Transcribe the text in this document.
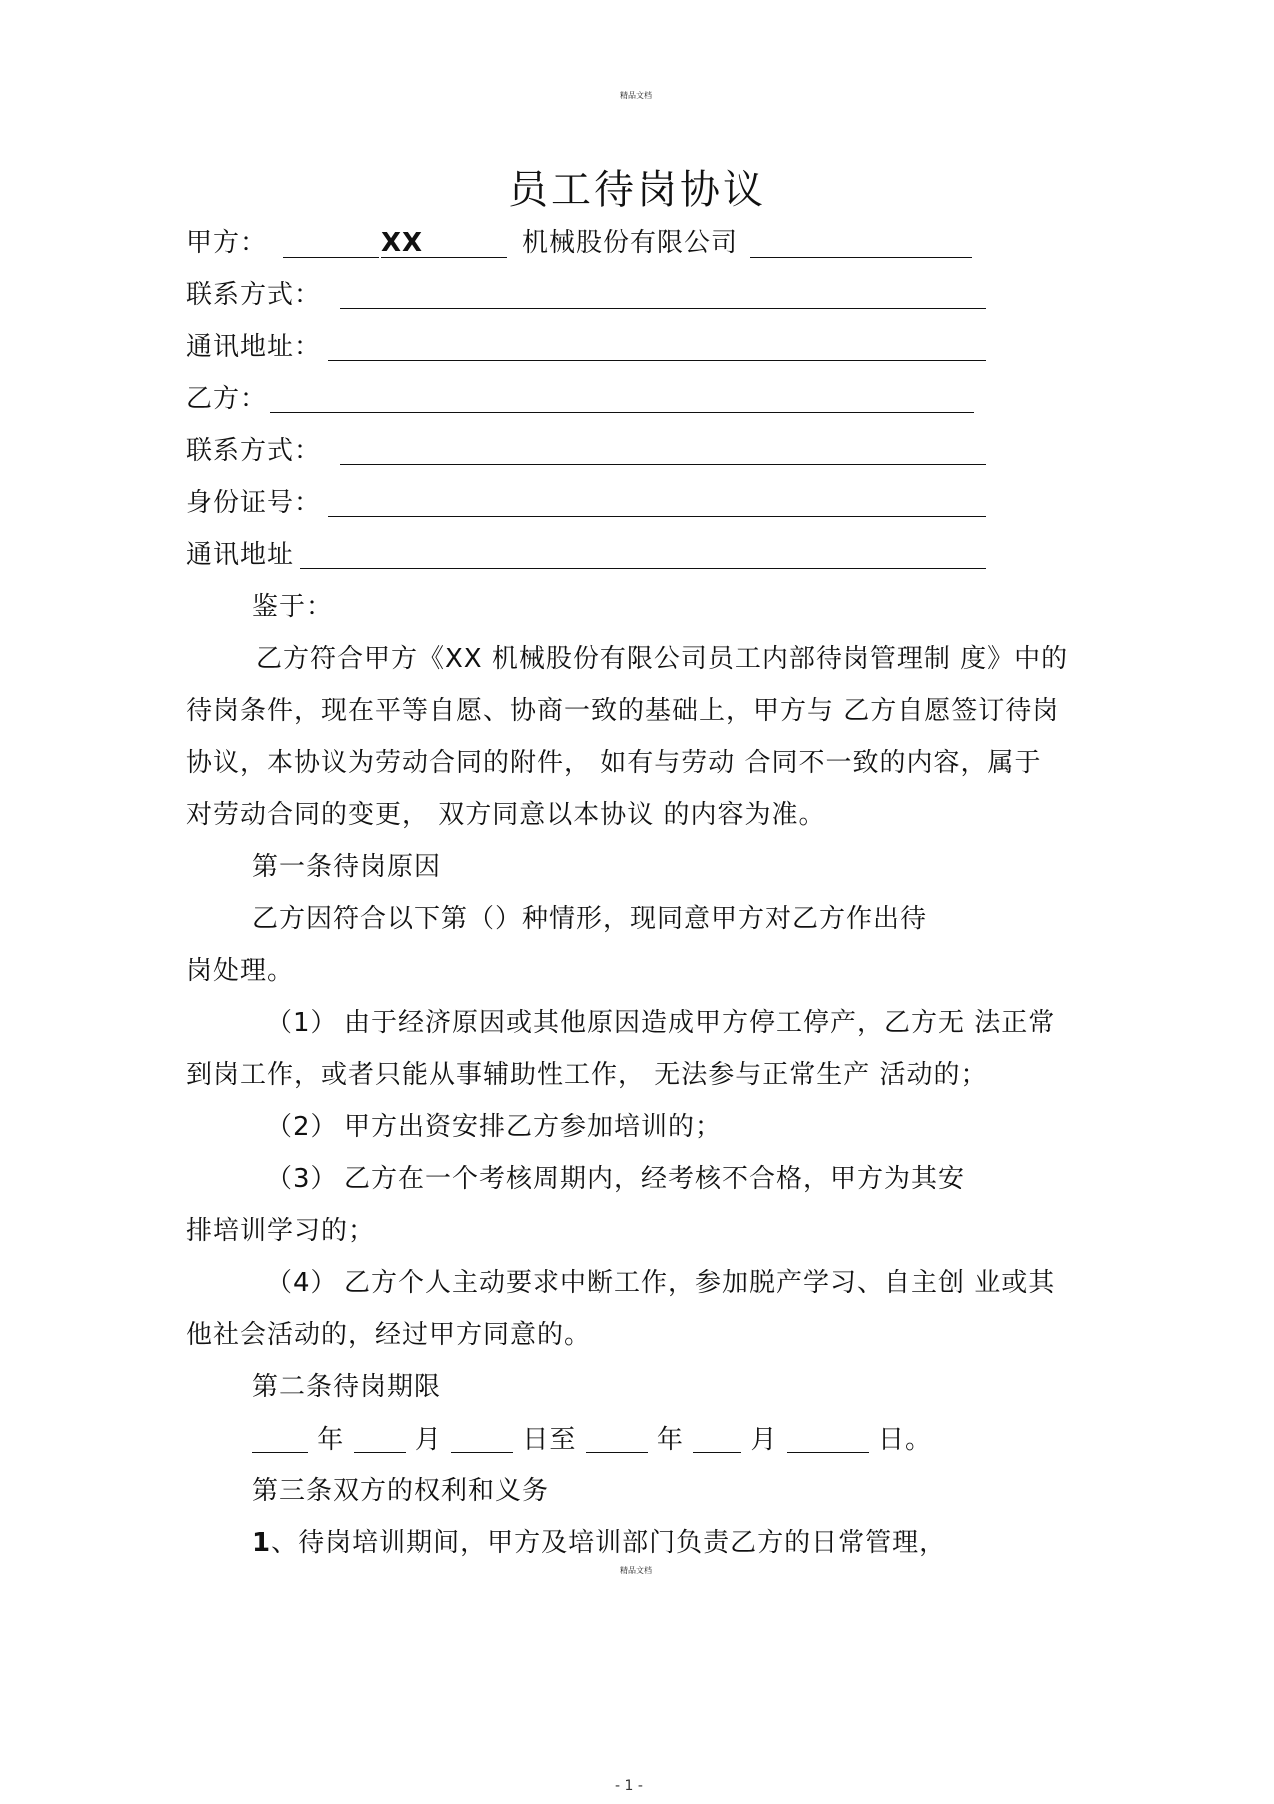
精品文档
员工待岗协议
甲方：	XX	机械股份有限公司
联系方式：
通讯地址：
乙方：
联系方式：
身份证号：
通讯地址
鉴于：
乙方符合甲方《XX 机械股份有限公司员工内部待岗管理制 度》中的
待岗条件，现在平等自愿、协商一致的基础上，甲方与 乙方自愿签订待岗
协议，本协议为劳动合同的附件， 如有与劳动 合同不一致的内容，属于
对劳动合同的变更， 双方同意以本协议 的内容为准。
第一条待岗原因
乙方因符合以下第（）种情形，现同意甲方对乙方作出待
岗处理。
（1） 由于经济原因或其他原因造成甲方停工停产，乙方无 法正常
到岗工作，或者只能从事辅助性工作， 无法参与正常生产 活动的；
（2） 甲方出资安排乙方参加培训的；
（3） 乙方在一个考核周期内，经考核不合格，甲方为其安
排培训学习的；
（4） 乙方个人主动要求中断工作，参加脱产学习、自主创 业或其
他社会活动的，经过甲方同意的。
第二条待岗期限
年	月	日至	年	月	日。
第三条双方的权利和义务
1、待岗培训期间，甲方及培训部门负责乙方的日常管理，
精品文档
- 1 -
